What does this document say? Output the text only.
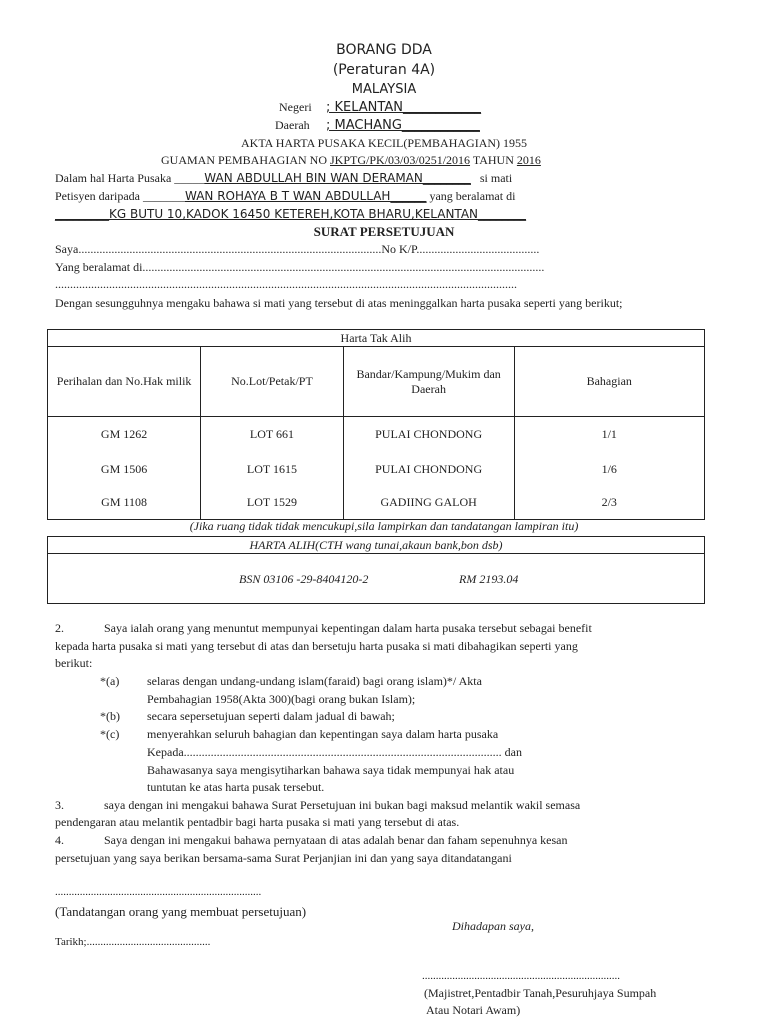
BORANG DDA
(Peraturan 4A)
MALAYSIA
Negeri ; KELANTAN____________
Daerah ; MACHANG____________
AKTA HARTA PUSAKA KECIL(PEMBAHAGIAN) 1955
GUAMAN PEMBAHAGIAN NO JKPTG/PK/03/03/0251/2016 TAHUN 2016
Dalam hal Harta Pusaka _____WAN ABDULLAH BIN WAN DERAMAN________ si mati
Petisyen daripada _______WAN ROHAYA B T WAN ABDULLAH______ yang beralamat di
_________KG BUTU 10,KADOK 16450 KETEREH,KOTA BHARU,KELANTAN________
SURAT PERSETUJUAN
Saya.....................................................................................................No K/P.........................................
Yang beralamat di......................................................................................................................................
..........................................................................................................................................................
Dengan sesungguhnya mengaku bahawa si mati yang tersebut di atas meninggalkan harta pusaka seperti yang berikut;
Harta Tak Alih			
Perihalan dan No.Hak milik	No.Lot/Petak/PT	Bandar/Kampung/Mukim dan Daerah	Bahagian
GM 1262	LOT 661	PULAI CHONDONG	1/1
GM 1506	LOT 1615	PULAI CHONDONG	1/6
GM 1108	LOT 1529	GADIING GALOH	2/3
(Jika ruang tidak tidak mencukupi,sila lampirkan dan tandatangan lampiran itu)
HARTA ALIH(CTH wang tunai,akaun bank,bon dsb)
BSN 03106 -29-8404120-2	RM 2193.04
2.	Saya ialah orang yang menuntut mempunyai kepentingan dalam harta pusaka tersebut sebagai benefit
kepada harta pusaka si mati yang tersebut di atas dan bersetuju harta pusaka si mati dibahagikan seperti yang
berikut:
*(a) selaras dengan undang-undang islam(faraid) bagi orang islam)*/ Akta
Pembahagian 1958(Akta 300)(bagi orang bukan Islam);
*(b) secara sepersetujuan seperti dalam jadual di bawah;
*(c) menyerahkan seluruh bahagian dan kepentingan saya dalam harta pusaka
Kepada.......................................................................................................... dan
Bahawasanya saya mengisytiharkan bahawa saya tidak mempunyai hak atau
tuntutan ke atas harta pusak tersebut.
3.	saya dengan ini mengakui bahawa Surat Persetujuan ini bukan bagi maksud melantik wakil semasa
pendengaran atau melantik pentadbir bagi harta pusaka si mati yang tersebut di atas.
4.	Saya dengan ini mengakui bahawa pernyataan di atas adalah benar dan faham sepenuhnya kesan
persetujuan yang saya berikan bersama-sama Surat Perjanjian ini dan yang saya ditandatangani
...........................................................................
(Tandatangan orang yang membuat persetujuan)
Dihadapan saya,
Tarikh;.............................................
........................................................................
(Majistret,Pentadbir Tanah,Pesuruhjaya Sumpah
Atau Notari Awam)
